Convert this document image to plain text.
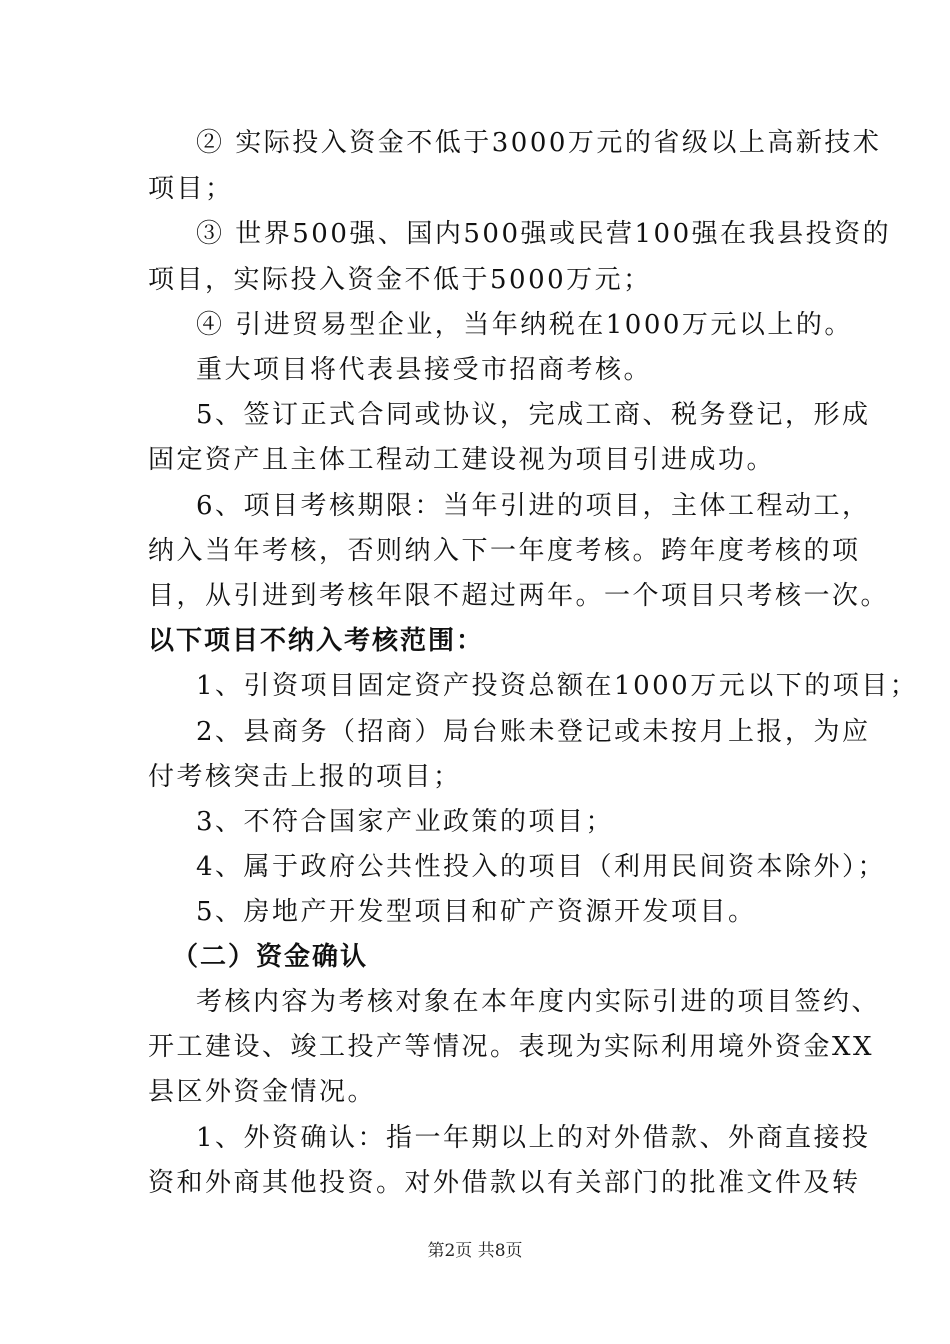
② 实际投入资金不低于3000万元的省级以上高新技术
项目；
③ 世界500强、国内500强或民营100强在我县投资的
项目，实际投入资金不低于5000万元；
④ 引进贸易型企业，当年纳税在1000万元以上的。
重大项目将代表县接受市招商考核。
5、签订正式合同或协议，完成工商、税务登记，形成
固定资产且主体工程动工建设视为项目引进成功。
6、项目考核期限：当年引进的项目，主体工程动工，
纳入当年考核，否则纳入下一年度考核。跨年度考核的项
目，从引进到考核年限不超过两年。一个项目只考核一次。
以下项目不纳入考核范围：
1、引资项目固定资产投资总额在1000万元以下的项目；
2、县商务（招商）局台账未登记或未按月上报，为应
付考核突击上报的项目；
3、不符合国家产业政策的项目；
4、属于政府公共性投入的项目（利用民间资本除外）；
5、房地产开发型项目和矿产资源开发项目。
（二）资金确认
考核内容为考核对象在本年度内实际引进的项目签约、
开工建设、竣工投产等情况。表现为实际利用境外资金XX
县区外资金情况。
1、外资确认：指一年期以上的对外借款、外商直接投
资和外商其他投资。对外借款以有关部门的批准文件及转
第2页 共8页
